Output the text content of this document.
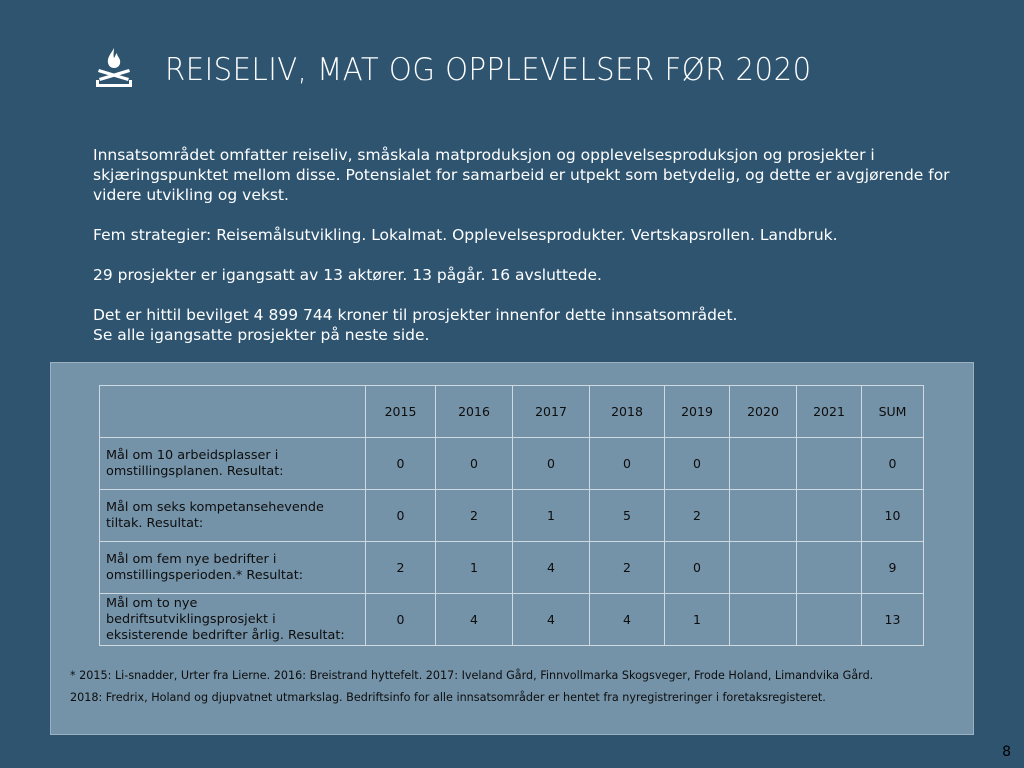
REISELIV, MAT OG OPPLEVELSER FØR 2020

Innsatsområdet omfatter reiseliv, småskala matproduksjon og opplevelsesproduksjon og prosjekter i skjæringspunktet mellom disse. Potensialet for samarbeid er utpekt som betydelig, og dette er avgjørende for videre utvikling og vekst.

Fem strategier: Reisemålsutvikling. Lokalmat. Opplevelsesprodukter. Vertskapsrollen. Landbruk.

29 prosjekter er igangsatt av 13 aktører. 13 pågår. 16 avsluttede.

Det er hittil bevilget 4 899 744 kroner til prosjekter innenfor dette innsatsområdet.
Se alle igangsatte prosjekter på neste side.

	2015	2016	2017	2018	2019	2020	2021	SUM
Mål om 10 arbeidsplasser i omstillingsplanen. Resultat:	0	0	0	0	0			0
Mål om seks kompetansehevende tiltak. Resultat:	0	2	1	5	2			10
Mål om fem nye bedrifter i omstillingsperioden.* Resultat:	2	1	4	2	0			9
Mål om to nye bedriftsutviklingsprosjekt i eksisterende bedrifter årlig. Resultat:	0	4	4	4	1			13
* 2015: Li-snadder, Urter fra Lierne. 2016: Breistrand hyttefelt. 2017: Iveland Gård, Finnvollmarka Skogsveger, Frode Holand, Limandvika Gård.
2018: Fredrix, Holand og djupvatnet utmarkslag. Bedriftsinfo for alle innsatsområder er hentet fra nyregistreringer i foretaksregisteret.
8
